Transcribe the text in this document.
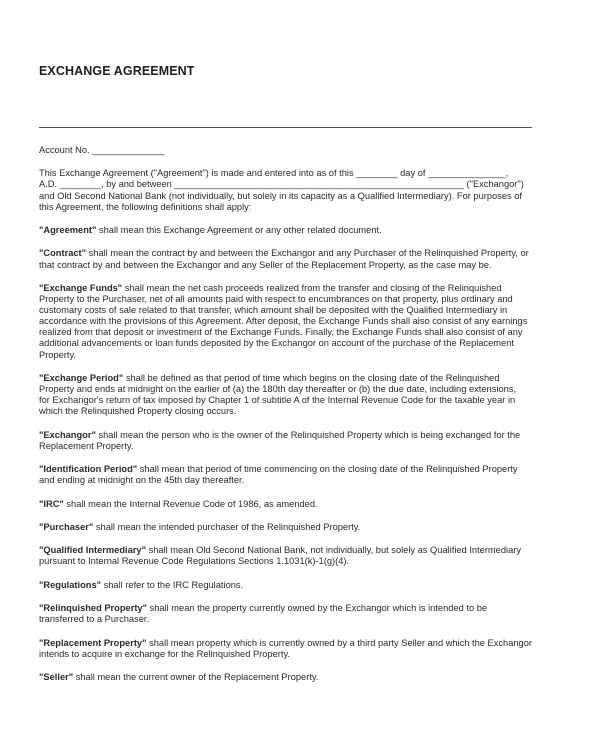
EXCHANGE AGREEMENT
Account No. ______________
This Exchange Agreement ("Agreement") is made and entered into as of this ________ day of _______________,
A.D. ________, by and between ________________________________________________________ ("Exchangor")
and Old Second National Bank (not individually, but solely in its capacity as a Qualified Intermediary). For purposes of
this Agreement, the following definitions shall apply:
"Agreement" shall mean this Exchange Agreement or any other related document.
"Contract" shall mean the contract by and between the Exchangor and any Purchaser of the Relinquished Property, or
that contract by and between the Exchangor and any Seller of the Replacement Property, as the case may be.
"Exchange Funds" shall mean the net cash proceeds realized from the transfer and closing of the Relinquished
Property to the Purchaser, net of all amounts paid with respect to encumbrances on that property, plus ordinary and
customary costs of sale related to that transfer, which amount shall be deposited with the Qualified Intermediary in
accordance with the provisions of this Agreement. After deposit, the Exchange Funds shall also consist of any earnings
realized from that deposit or investment of the Exchange Funds. Finally, the Exchange Funds shall also consist of any
additional advancements or loan funds deposited by the Exchangor on account of the purchase of the Replacement
Property.
"Exchange Period" shall be defined as that period of time which begins on the closing date of the Relinquished
Property and ends at midnight on the earlier of (a) the 180th day thereafter or (b) the due date, including extensions,
for Exchangor's return of tax imposed by Chapter 1 of subtitle A of the Internal Revenue Code for the taxable year in
which the Relinquished Property closing occurs.
"Exchangor" shall mean the person who is the owner of the Relinquished Property which is being exchanged for the
Replacement Property.
"Identification Period" shall mean that period of time commencing on the closing date of the Relinquished Property
and ending at midnight on the 45th day thereafter.
"IRC" shall mean the Internal Revenue Code of 1986, as amended.
"Purchaser" shall mean the intended purchaser of the Relinquished Property.
"Qualified Intermediary" shall mean Old Second National Bank, not individually, but solely as Qualified Intermediary
pursuant to Internal Revenue Code Regulations Sections 1.1031(k)-1(g)(4).
"Regulations" shall refer to the IRC Regulations.
"Relinquished Property" shall mean the property currently owned by the Exchangor which is intended to be
transferred to a Purchaser.
"Replacement Property" shall mean property which is currently owned by a third party Seller and which the Exchangor
intends to acquire in exchange for the Relinquished Property.
"Seller" shall mean the current owner of the Replacement Property.
